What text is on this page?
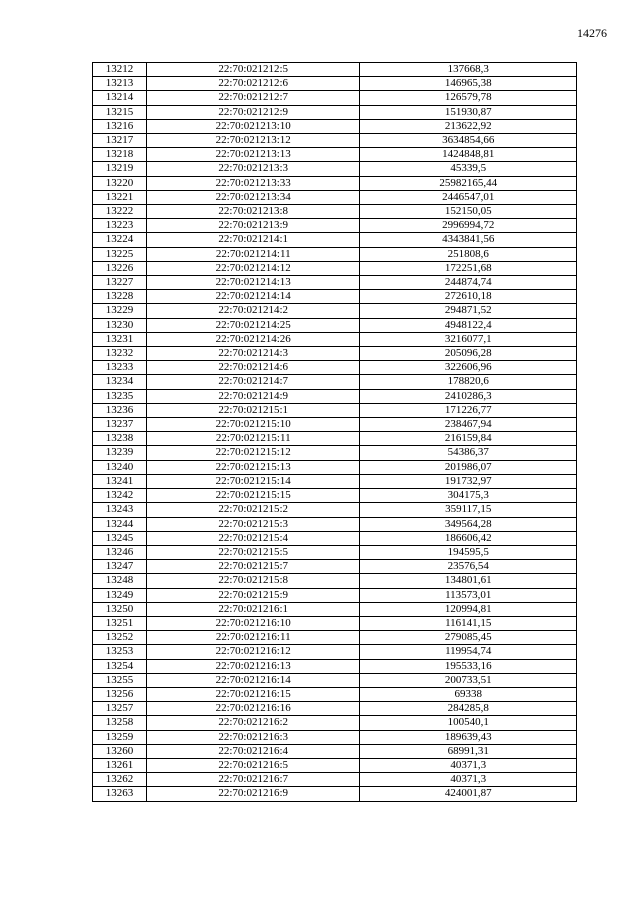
14276
13212	22:70:021212:5	137668,3
13213	22:70:021212:6	146965,38
13214	22:70:021212:7	126579,78
13215	22:70:021212:9	151930,87
13216	22:70:021213:10	213622,92
13217	22:70:021213:12	3634854,66
13218	22:70:021213:13	1424848,81
13219	22:70:021213:3	45339,5
13220	22:70:021213:33	25982165,44
13221	22:70:021213:34	2446547,01
13222	22:70:021213:8	152150,05
13223	22:70:021213:9	2996994,72
13224	22:70:021214:1	4343841,56
13225	22:70:021214:11	251808,6
13226	22:70:021214:12	172251,68
13227	22:70:021214:13	244874,74
13228	22:70:021214:14	272610,18
13229	22:70:021214:2	294871,52
13230	22:70:021214:25	4948122,4
13231	22:70:021214:26	3216077,1
13232	22:70:021214:3	205096,28
13233	22:70:021214:6	322606,96
13234	22:70:021214:7	178820,6
13235	22:70:021214:9	2410286,3
13236	22:70:021215:1	171226,77
13237	22:70:021215:10	238467,94
13238	22:70:021215:11	216159,84
13239	22:70:021215:12	54386,37
13240	22:70:021215:13	201986,07
13241	22:70:021215:14	191732,97
13242	22:70:021215:15	304175,3
13243	22:70:021215:2	359117,15
13244	22:70:021215:3	349564,28
13245	22:70:021215:4	186606,42
13246	22:70:021215:5	194595,5
13247	22:70:021215:7	23576,54
13248	22:70:021215:8	134801,61
13249	22:70:021215:9	113573,01
13250	22:70:021216:1	120994,81
13251	22:70:021216:10	116141,15
13252	22:70:021216:11	279085,45
13253	22:70:021216:12	119954,74
13254	22:70:021216:13	195533,16
13255	22:70:021216:14	200733,51
13256	22:70:021216:15	69338
13257	22:70:021216:16	284285,8
13258	22:70:021216:2	100540,1
13259	22:70:021216:3	189639,43
13260	22:70:021216:4	68991,31
13261	22:70:021216:5	40371,3
13262	22:70:021216:7	40371,3
13263	22:70:021216:9	424001,87
